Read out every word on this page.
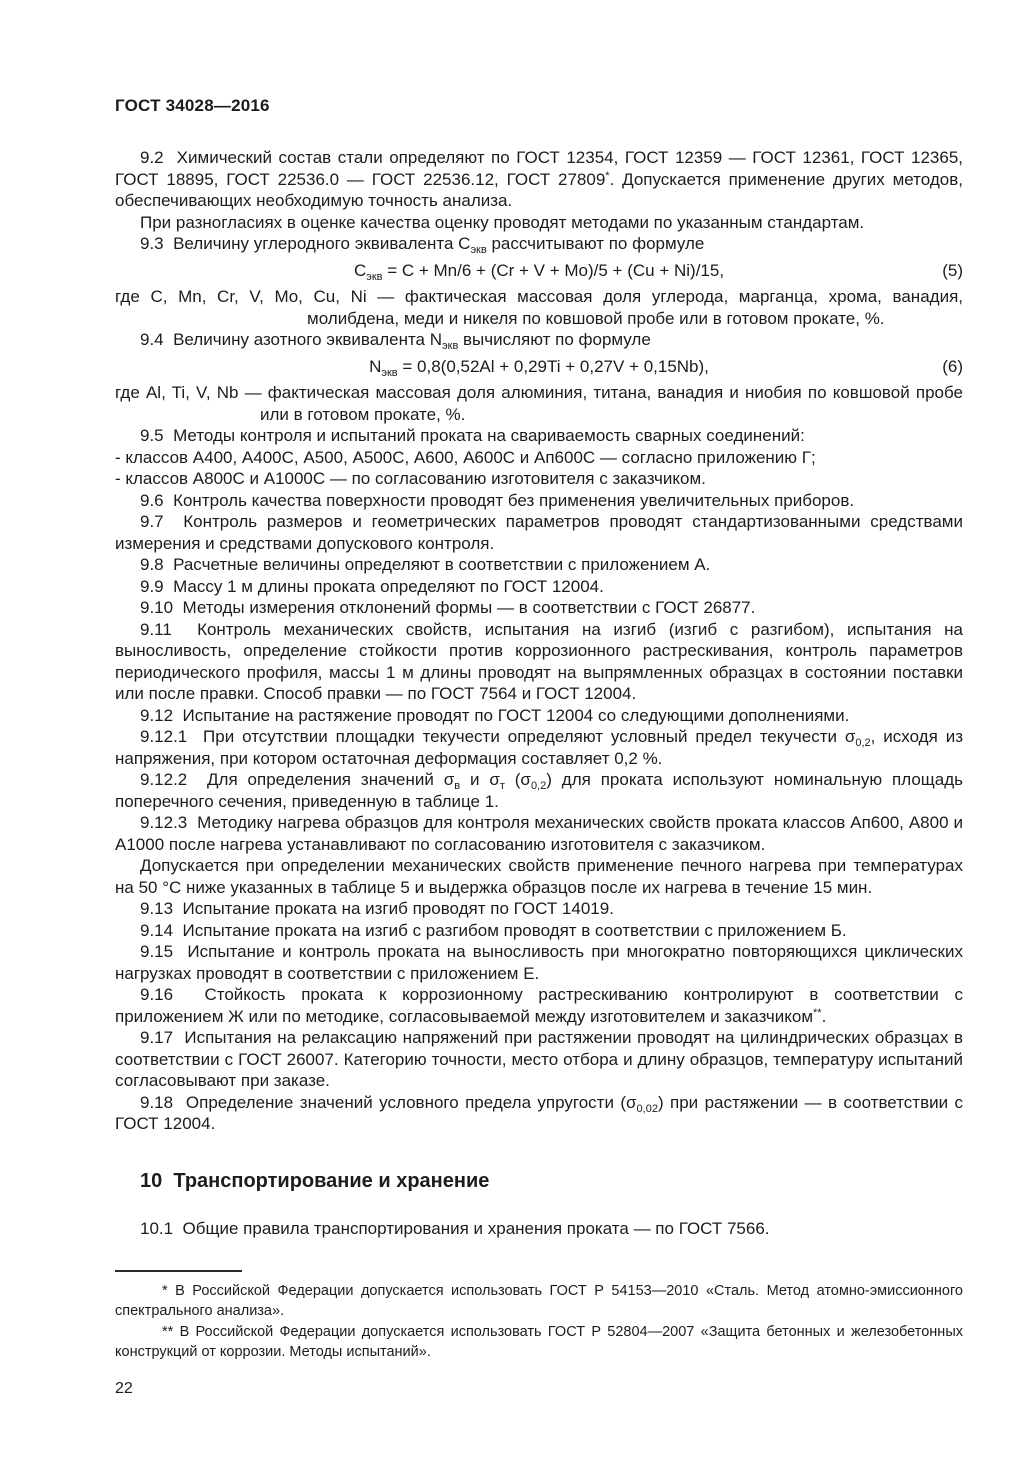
ГОСТ 34028—2016
9.2  Химический состав стали определяют по ГОСТ 12354, ГОСТ 12359 — ГОСТ 12361, ГОСТ 12365, ГОСТ 18895, ГОСТ 22536.0 — ГОСТ 22536.12, ГОСТ 27809*. Допускается применение других методов, обеспечивающих необходимую точность анализа.
При разногласиях в оценке качества оценку проводят методами по указанным стандартам.
9.3  Величину углеродного эквивалента $С_{экв}$ рассчитывают по формуле
$С_{экв} = С + Mn/6 + (Cr + V + Mo)/5 + (Cu + Ni)/15$,	(5)
где С, Mn, Cr, V, Mo, Cu, Ni — фактическая массовая доля углерода, марганца, хрома, ванадия, молибдена, меди и никеля по ковшовой пробе или в готовом прокате, %.
9.4  Величину азотного эквивалента $N_{экв}$ вычисляют по формуле
$N_{экв} = 0,8(0,52Al + 0,29Ti + 0,27V + 0,15Nb)$,	(6)
где Al, Ti, V, Nb — фактическая массовая доля алюминия, титана, ванадия и ниобия по ковшовой пробе или в готовом прокате, %.
9.5  Методы контроля и испытаний проката на свариваемость сварных соединений:
- классов А400, А400С, А500, А500С, А600, А600С и Ап600С — согласно приложению Г;
- классов А800С и А1000С — по согласованию изготовителя с заказчиком.
9.6  Контроль качества поверхности проводят без применения увеличительных приборов.
9.7  Контроль размеров и геометрических параметров проводят стандартизованными средствами измерения и средствами допускового контроля.
9.8  Расчетные величины определяют в соответствии с приложением А.
9.9  Массу 1 м длины проката определяют по ГОСТ 12004.
9.10  Методы измерения отклонений формы — в соответствии с ГОСТ 26877.
9.11  Контроль механических свойств, испытания на изгиб (изгиб с разгибом), испытания на выносливость, определение стойкости против коррозионного растрескивания, контроль параметров периодического профиля, массы 1 м длины проводят на выпрямленных образцах в состоянии поставки или после правки. Способ правки — по ГОСТ 7564 и ГОСТ 12004.
9.12  Испытание на растяжение проводят по ГОСТ 12004 со следующими дополнениями.
9.12.1  При отсутствии площадки текучести определяют условный предел текучести $\sigma_{0,2}$, исходя из напряжения, при котором остаточная деформация составляет 0,2 %.
9.12.2  Для определения значений $\sigma_в$ и $\sigma_т$ $(\sigma_{0,2})$ для проката используют номинальную площадь поперечного сечения, приведенную в таблице 1.
9.12.3  Методику нагрева образцов для контроля механических свойств проката классов Ап600, А800 и А1000 после нагрева устанавливают по согласованию изготовителя с заказчиком.
Допускается при определении механических свойств применение печного нагрева при температурах на 50 °С ниже указанных в таблице 5 и выдержка образцов после их нагрева в течение 15 мин.
9.13  Испытание проката на изгиб проводят по ГОСТ 14019.
9.14  Испытание проката на изгиб с разгибом проводят в соответствии с приложением Б.
9.15  Испытание и контроль проката на выносливость при многократно повторяющихся циклических нагрузках проводят в соответствии с приложением Е.
9.16  Стойкость проката к коррозионному растрескиванию контролируют в соответствии с приложением Ж или по методике, согласовываемой между изготовителем и заказчиком**.
9.17  Испытания на релаксацию напряжений при растяжении проводят на цилиндрических образцах в соответствии с ГОСТ 26007. Категорию точности, место отбора и длину образцов, температуру испытаний согласовывают при заказе.
9.18  Определение значений условного предела упругости $(\sigma_{0,02})$ при растяжении — в соответствии с ГОСТ 12004.
10  Транспортирование и хранение
10.1  Общие правила транспортирования и хранения проката — по ГОСТ 7566.
* В Российской Федерации допускается использовать ГОСТ Р 54153—2010 «Сталь. Метод атомно-эмиссионного спектрального анализа».
** В Российской Федерации допускается использовать ГОСТ Р 52804—2007 «Защита бетонных и железобетонных конструкций от коррозии. Методы испытаний».
22
